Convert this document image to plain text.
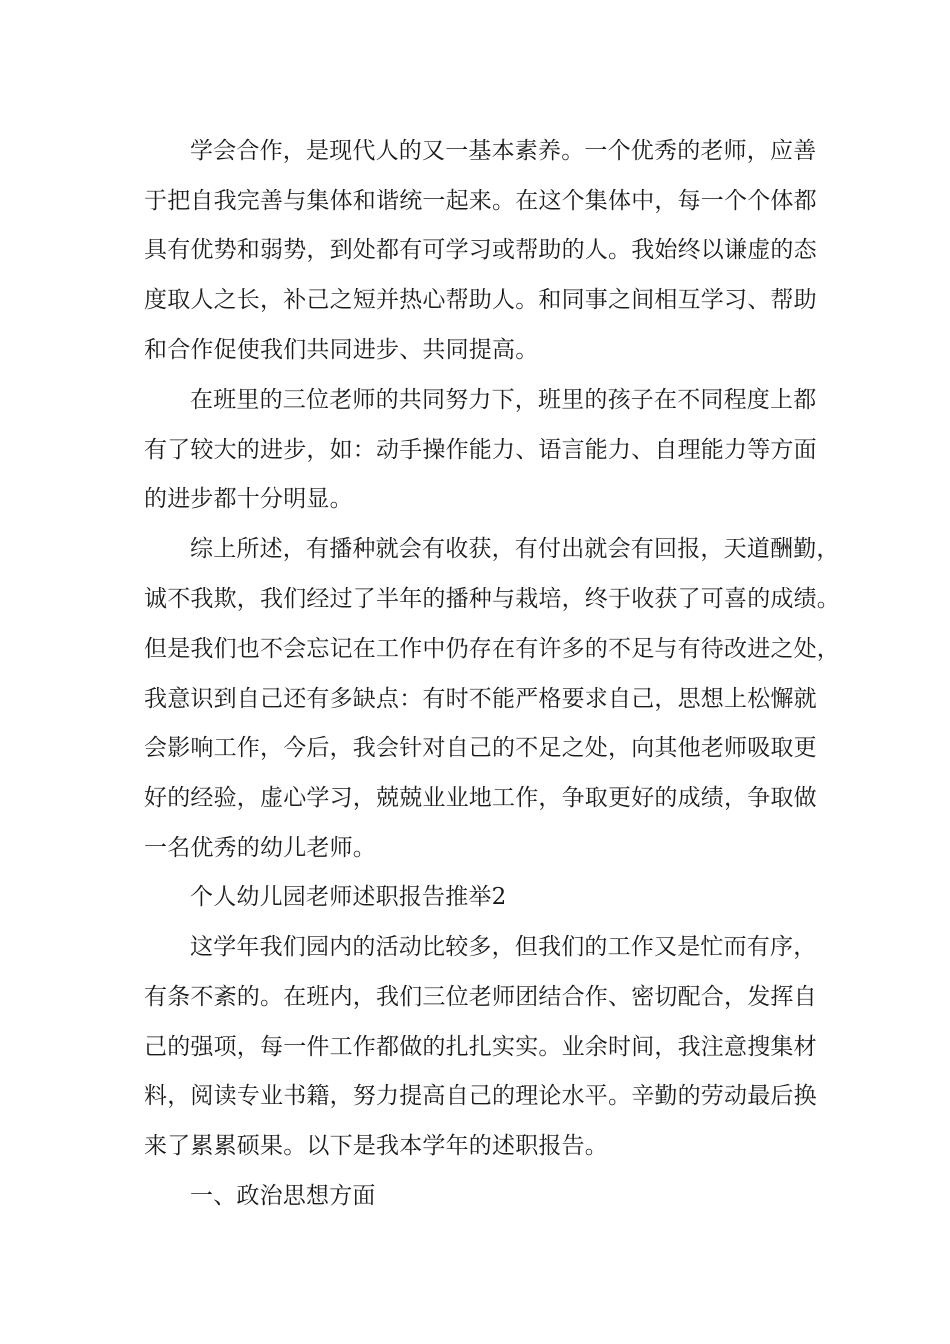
学会合作，是现代人的又一基本素养。一个优秀的老师，应善
于把自我完善与集体和谐统一起来。在这个集体中，每一个个体都
具有优势和弱势，到处都有可学习或帮助的人。我始终以谦虚的态
度取人之长，补己之短并热心帮助人。和同事之间相互学习、帮助
和合作促使我们共同进步、共同提高。
在班里的三位老师的共同努力下，班里的孩子在不同程度上都
有了较大的进步，如：动手操作能力、语言能力、自理能力等方面
的进步都十分明显。
综上所述，有播种就会有收获，有付出就会有回报，天道酬勤，
诚不我欺，我们经过了半年的播种与栽培，终于收获了可喜的成绩。
但是我们也不会忘记在工作中仍存在有许多的不足与有待改进之处，
我意识到自己还有多缺点：有时不能严格要求自己，思想上松懈就
会影响工作，今后，我会针对自己的不足之处，向其他老师吸取更
好的经验，虚心学习，兢兢业业地工作，争取更好的成绩，争取做
一名优秀的幼儿老师。
个人幼儿园老师述职报告推举2
这学年我们园内的活动比较多，但我们的工作又是忙而有序，
有条不紊的。在班内，我们三位老师团结合作、密切配合，发挥自
己的强项，每一件工作都做的扎扎实实。业余时间，我注意搜集材
料，阅读专业书籍，努力提高自己的理论水平。辛勤的劳动最后换
来了累累硕果。以下是我本学年的述职报告。
一、政治思想方面
